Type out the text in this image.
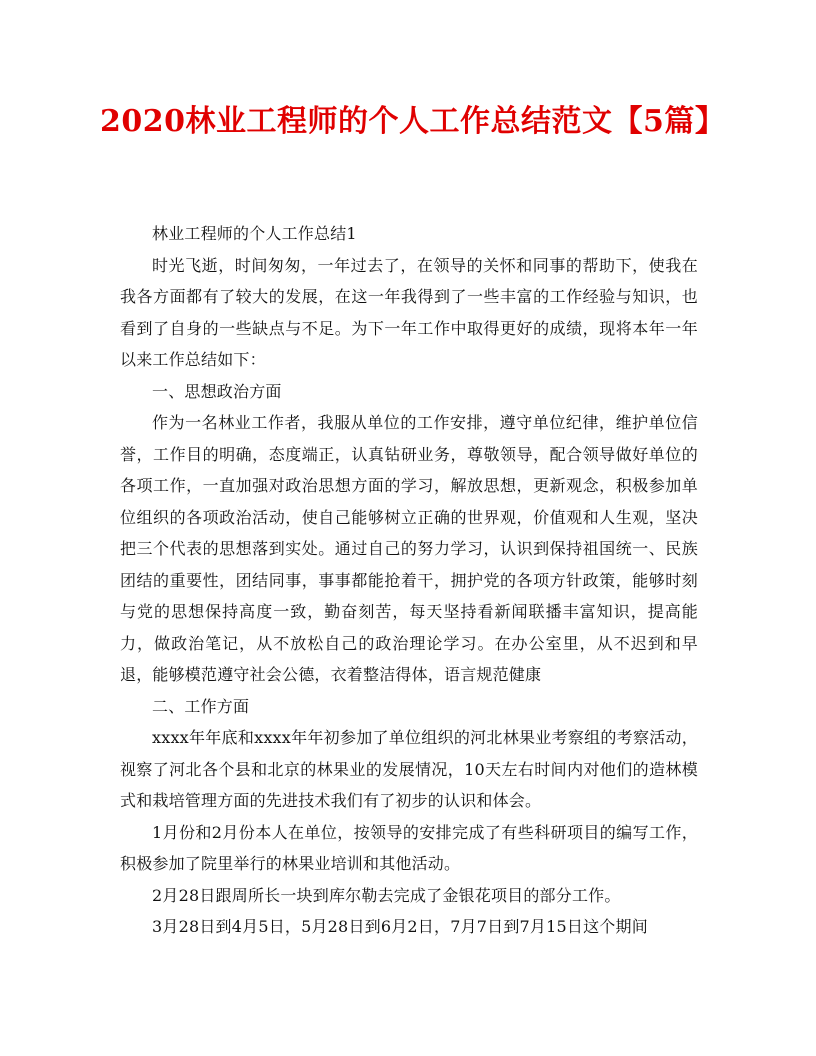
2020林业工程师的个人工作总结范文【5篇】

林业工程师的个人工作总结1

时光飞逝，时间匆匆，一年过去了，在领导的关怀和同事的帮助下，使我在我各方面都有了较大的发展，在这一年我得到了一些丰富的工作经验与知识，也看到了自身的一些缺点与不足。为下一年工作中取得更好的成绩，现将本年一年以来工作总结如下：

一、思想政治方面

作为一名林业工作者，我服从单位的工作安排，遵守单位纪律，维护单位信誉，工作目的明确，态度端正，认真钻研业务，尊敬领导，配合领导做好单位的各项工作，一直加强对政治思想方面的学习，解放思想，更新观念，积极参加单位组织的各项政治活动，使自己能够树立正确的世界观，价值观和人生观，坚决把三个代表的思想落到实处。通过自己的努力学习，认识到保持祖国统一、民族团结的重要性，团结同事，事事都能抢着干，拥护党的各项方针政策，能够时刻与党的思想保持高度一致，勤奋刻苦，每天坚持看新闻联播丰富知识，提高能力，做政治笔记，从不放松自己的政治理论学习。在办公室里，从不迟到和早退，能够模范遵守社会公德，衣着整洁得体，语言规范健康

二、工作方面

xxxx年年底和xxxx年年初参加了单位组织的河北林果业考察组的考察活动，视察了河北各个县和北京的林果业的发展情况，10天左右时间内对他们的造林模式和栽培管理方面的先进技术我们有了初步的认识和体会。

1月份和2月份本人在单位，按领导的安排完成了有些科研项目的编写工作，积极参加了院里举行的林果业培训和其他活动。

2月28日跟周所长一块到库尔勒去完成了金银花项目的部分工作。

3月28日到4月5日，5月28日到6月2日，7月7日到7月15日这个期间
